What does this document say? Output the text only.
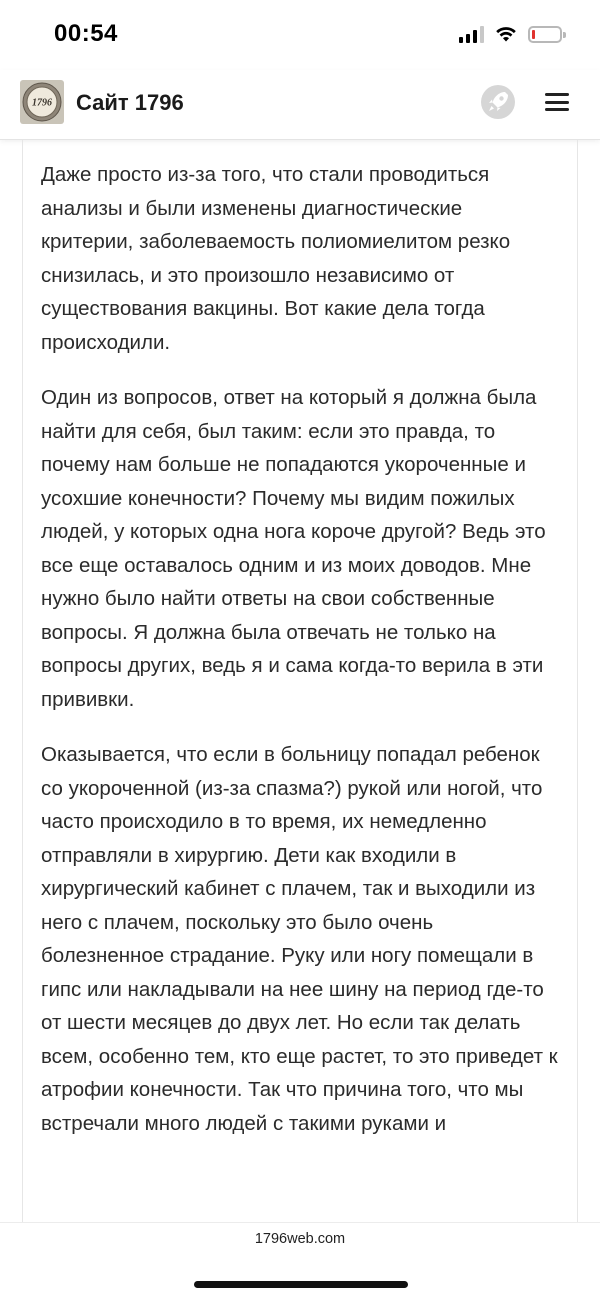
00:54
1796 Сайт 1796

Даже просто из-за того, что стали проводиться анализы и были изменены диагностические критерии, заболеваемость полиомиелитом резко снизилась, и это произошло независимо от существования вакцины. Вот какие дела тогда происходили.

Один из вопросов, ответ на который я должна была найти для себя, был таким: если это правда, то почему нам больше не попадаются укороченные и усохшие конечности? Почему мы видим пожилых людей, у которых одна нога короче другой? Ведь это все еще оставалось одним и из моих доводов. Мне нужно было найти ответы на свои собственные вопросы. Я должна была отвечать не только на вопросы других, ведь я и сама когда-то верила в эти прививки.

Оказывается, что если в больницу попадал ребенок со укороченной (из-за спазма?) рукой или ногой, что часто происходило в то время, их немедленно отправляли в хирургию. Дети как входили в хирургический кабинет с плачем, так и выходили из него с плачем, поскольку это было очень болезненное страдание. Руку или ногу помещали в гипс или накладывали на нее шину на период где-то от шести месяцев до двух лет. Но если так делать всем, особенно тем, кто еще растет, то это приведет к атрофии конечности. Так что причина того, что мы встречали много людей с такими руками и

1796web.com
